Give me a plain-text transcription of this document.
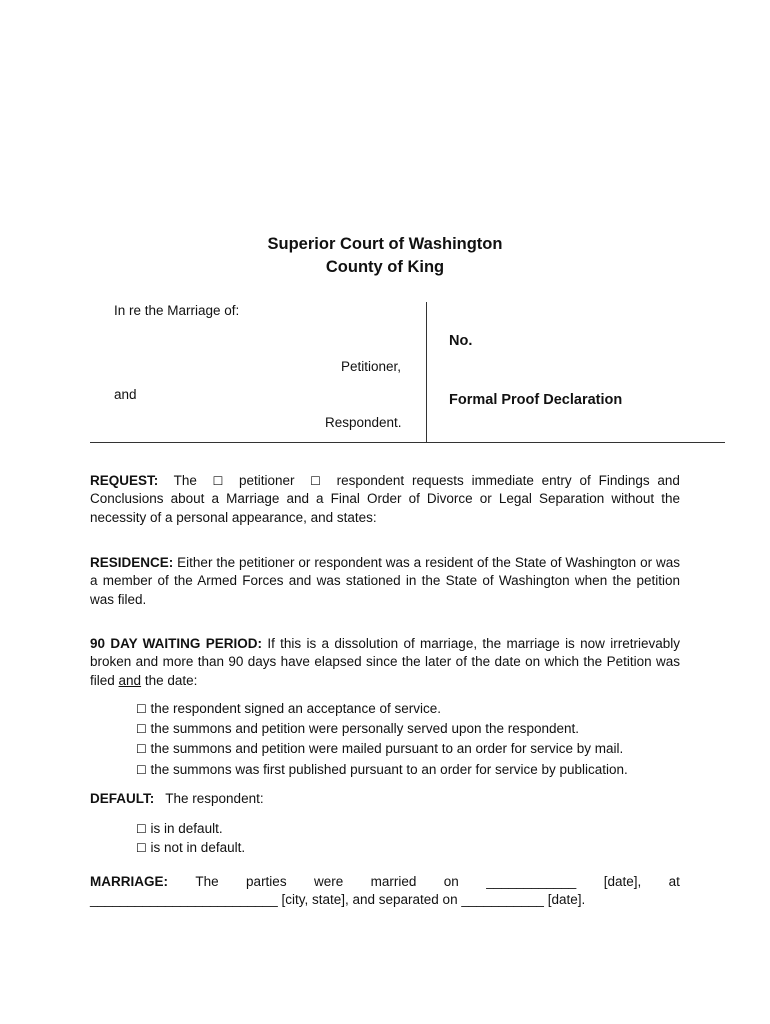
Superior Court of Washington
County of King
In re the Marriage of:
Petitioner,
and
Respondent.
No.
Formal Proof Declaration
REQUEST: The ☐ petitioner ☐ respondent requests immediate entry of Findings and Conclusions about a Marriage and a Final Order of Divorce or Legal Separation without the necessity of a personal appearance, and states:
RESIDENCE: Either the petitioner or respondent was a resident of the State of Washington or was a member of the Armed Forces and was stationed in the State of Washington when the petition was filed.
90 DAY WAITING PERIOD: If this is a dissolution of marriage, the marriage is now irretrievably broken and more than 90 days have elapsed since the later of the date on which the Petition was filed and the date:
☐ the respondent signed an acceptance of service.
☐ the summons and petition were personally served upon the respondent.
☐ the summons and petition were mailed pursuant to an order for service by mail.
☐ the summons was first published pursuant to an order for service by publication.
DEFAULT: The respondent:
☐ is in default.
☐ is not in default.
MARRIAGE: The parties were married on ____________ [date], at
_________________________ [city, state], and separated on ___________ [date].
